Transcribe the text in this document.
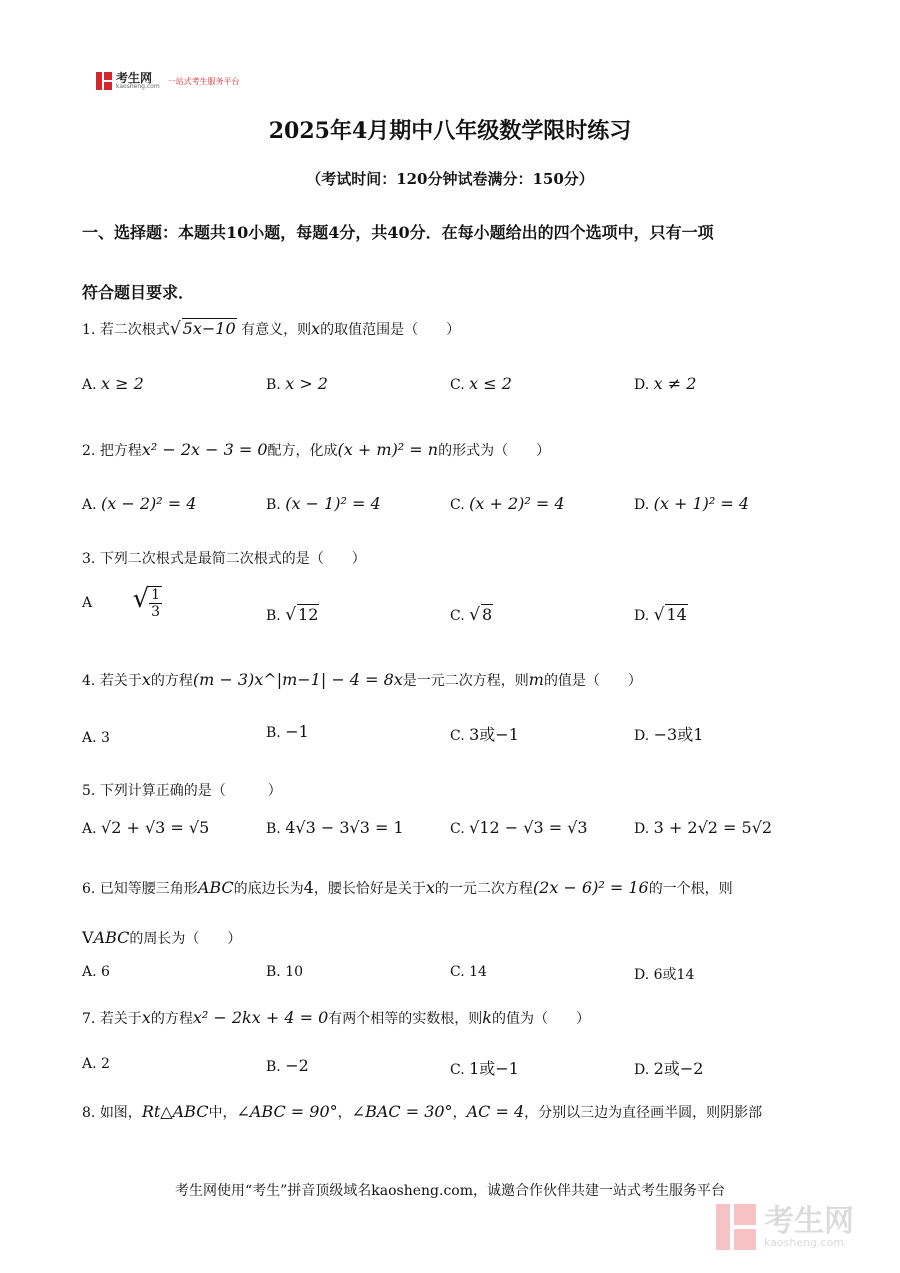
考生网
kaosheng.com
一站式考生服务平台
2025年4月期中八年级数学限时练习
（考试时间：120分钟试卷满分：150分）
一、选择题：本题共10小题，每题4分，共40分．在每小题给出的四个选项中，只有一项
符合题目要求．
1. 若二次根式√ 5x−10 有意义，则x的取值范围是（　　）
A. x ≥ 2	B. x > 2	C. x ≤ 2	D. x ≠ 2
2. 把方程x² − 2x − 3 = 0配方，化成(x + m)² = n的形式为（　　）
A. (x − 2)² = 4	B. (x − 1)² = 4	C. (x + 2)² = 4	D. (x + 1)² = 4
3. 下列二次根式是最简二次根式的是（　　）
A √ $\frac{1}{3}$	B. √ 12	C. √ 8	D. √ 14
4. 若关于x的方程(m − 3)x^|m−1| − 4 = 8x是一元二次方程，则m的值是（　　）
A. 3	B. −1	C. 3或−1	D. −3或1
5. 下列计算正确的是（　　　）
A. √2 + √3 = √5	B. 4√3 − 3√3 = 1	C. √12 − √3 = √3	D. 3 + 2√2 = 5√2
6. 已知等腰三角形ABC的底边长为4，腰长恰好是关于x的一元二次方程(2x − 6)² = 16的一个根，则
VABC的周长为（　　）
A. 6	B. 10	C. 14	D. 6或14
7. 若关于x的方程x² − 2kx + 4 = 0有两个相等的实数根，则k的值为（　　）
A. 2	B. −2	C. 1或−1	D. 2或−2
8. 如图，Rt△ABC中，∠ABC = 90°，∠BAC = 30°，AC = 4，分别以三边为直径画半圆，则阴影部
考生网使用“考生”拼音顶级域名kaosheng.com，诚邀合作伙伴共建一站式考生服务平台
考生网
kaosheng.com
